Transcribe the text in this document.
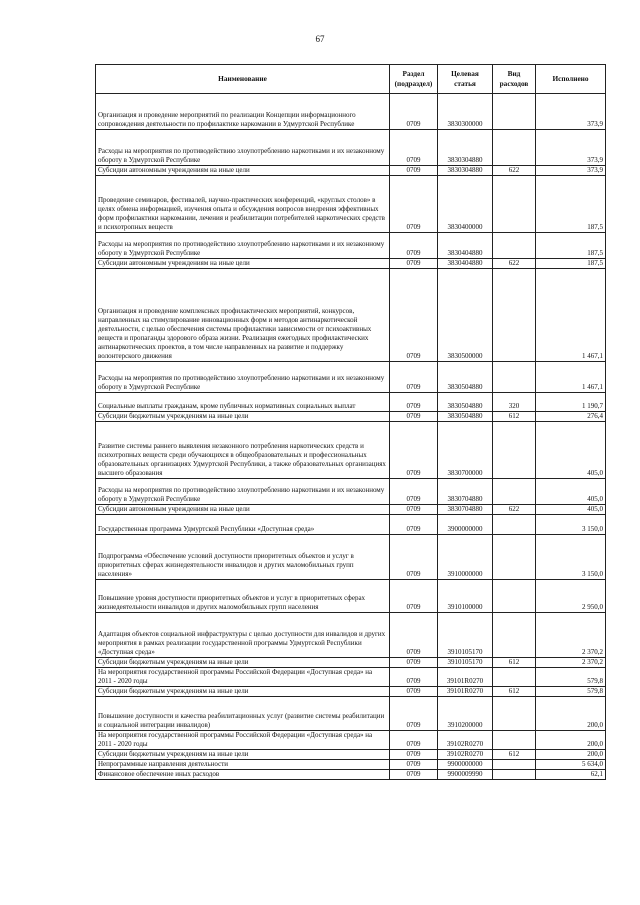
67
Наименование	Раздел (подраздел)	Целевая статья	Вид расходов	Исполнено
Организация и проведение мероприятий по реализации Концепции информационного сопровождения деятельности по профилактике наркомании в Удмуртской Республике	0709	3830300000		373,9
Расходы на мероприятия по противодействию злоупотреблению наркотиками и их незаконному обороту в Удмуртской Республике	0709	3830304880		373,9
Субсидии автономным учреждениям на иные цели	0709	3830304880	622	373,9
Проведение семинаров, фестивалей, научно-практических конференций, «круглых столов» в целях обмена информацией, изучения опыта и обсуждения вопросов внедрения эффективных форм профилактики наркомании, лечения и реабилитации потребителей наркотических средств и психотропных веществ	0709	3830400000		187,5
Расходы на мероприятия по противодействию злоупотреблению наркотиками и их незаконному обороту в Удмуртской Республике	0709	3830404880		187,5
Субсидии автономным учреждениям на иные цели	0709	3830404880	622	187,5
Организация и проведение комплексных профилактических мероприятий, конкурсов, направленных на стимулирование инновационных форм и методов антинаркотической деятельности, с целью обеспечения системы профилактики зависимости от психоактивных веществ и пропаганды здорового образа жизни. Реализация ежегодных профилактических антинаркотических проектов, в том числе направленных на развитие и поддержку волонтерского движения	0709	3830500000		1 467,1
Расходы на мероприятия по противодействию злоупотреблению наркотиками и их незаконному обороту в Удмуртской Республике	0709	3830504880		1 467,1
Социальные выплаты гражданам, кроме публичных нормативных социальных выплат	0709	3830504880	320	1 190,7
Субсидии бюджетным учреждениям на иные цели	0709	3830504880	612	276,4
Развитие системы раннего выявления незаконного потребления наркотических средств и психотропных веществ среди обучающихся в общеобразовательных и профессиональных образовательных организациях Удмуртской Республики, а также образовательных организациях высшего образования	0709	3830700000		405,0
Расходы на мероприятия по противодействию злоупотреблению наркотиками и их незаконному обороту в Удмуртской Республике	0709	3830704880		405,0
Субсидии автономным учреждениям на иные цели	0709	3830704880	622	405,0
Государственная программа Удмуртской Республики «Доступная среда»	0709	3900000000		3 150,0
Подпрограмма «Обеспечение условий доступности приоритетных объектов и услуг в приоритетных сферах жизнедеятельности инвалидов и других маломобильных групп населения»	0709	3910000000		3 150,0
Повышение уровня доступности приоритетных объектов и услуг в приоритетных сферах жизнедеятельности инвалидов и других маломобильных групп населения	0709	3910100000		2 950,0
Адаптация объектов социальной инфраструктуры с целью доступности для инвалидов и других мероприятия в рамках реализации государственной программы Удмуртской Республики «Доступная среда»	0709	3910105170		2 370,2
Субсидии бюджетным учреждениям на иные цели	0709	3910105170	612	2 370,2
На мероприятия государственной программы Российской Федерации «Доступная среда» на 2011 - 2020 годы	0709	39101R0270		579,8
Субсидии бюджетным учреждениям на иные цели	0709	39101R0270	612	579,8
Повышение доступности и качества реабилитационных услуг (развитие системы реабилитации и социальной интеграции инвалидов)	0709	3910200000		200,0
На мероприятия государственной программы Российской Федерации «Доступная среда» на 2011 - 2020 годы	0709	39102R0270		200,0
Субсидии бюджетным учреждениям на иные цели	0709	39102R0270	612	200,0
Непрограммные направления деятельности	0709	9900000000		5 634,0
Финансовое обеспечение иных расходов	0709	9900009990		62,1
